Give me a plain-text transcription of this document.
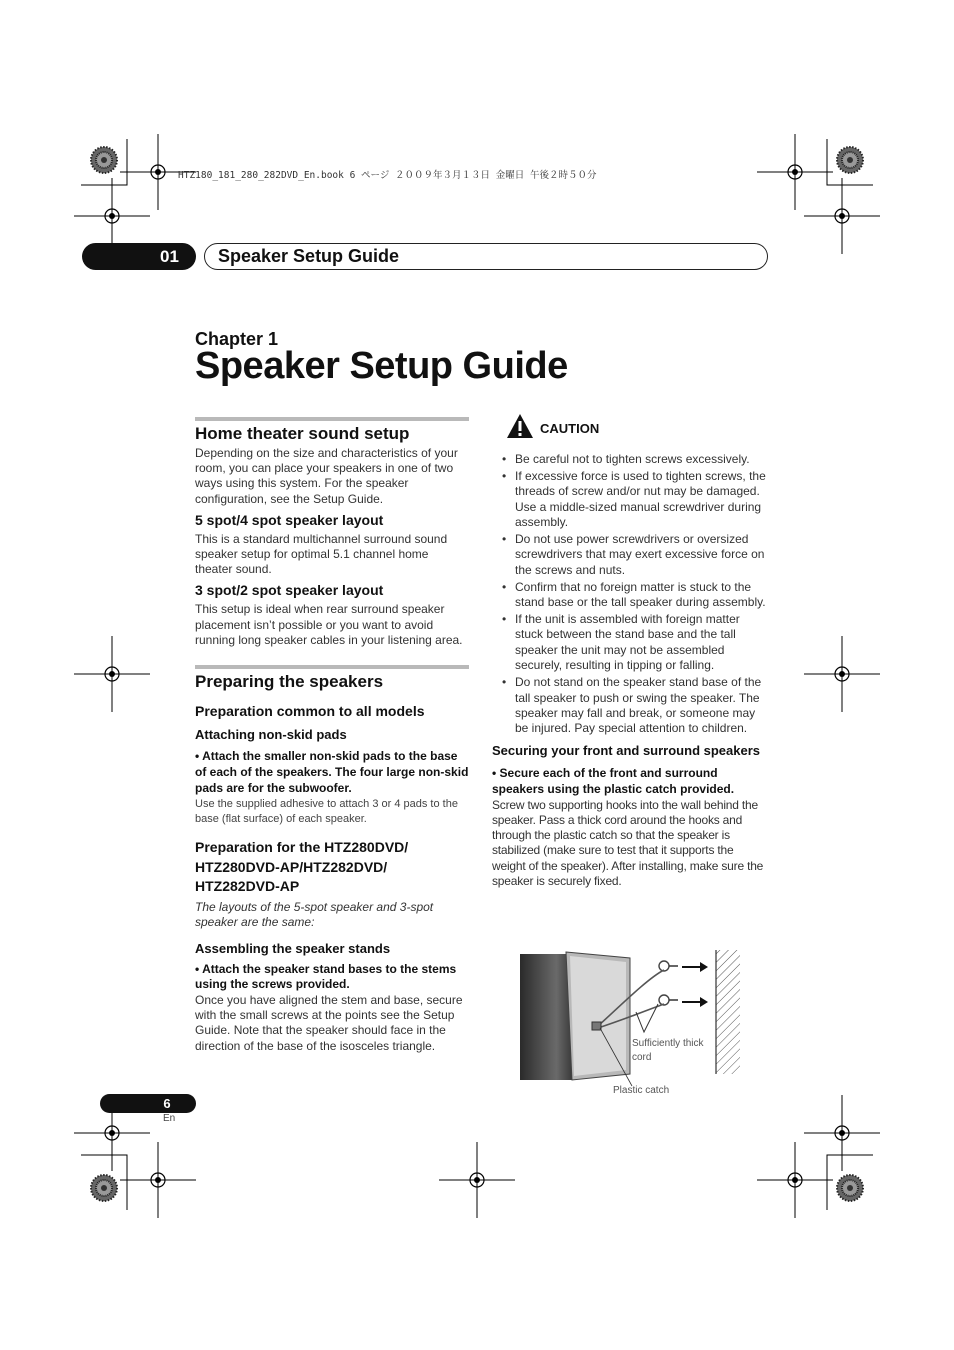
HTZ180_181_280_282DVD_En.book 6 ページ ２００９年３月１３日 金曜日 午後２時５０分
01	Speaker Setup Guide
Chapter 1
Speaker Setup Guide
Home theater sound setup

Depending on the size and characteristics of your room, you can place your speakers in one of two ways using this system. For the speaker configuration, see the Setup Guide.

5 spot/4 spot speaker layout

This is a standard multichannel surround sound speaker setup for optimal 5.1 channel home theater sound.

3 spot/2 spot speaker layout

This setup is ideal when rear surround speaker placement isn’t possible or you want to avoid running long speaker cables in your listening area.

Preparing the speakers
Preparation common to all models
Attaching non-skid pads
• Attach the smaller non-skid pads to the base of each of the speakers. The four large non-skid pads are for the subwoofer.

Use the supplied adhesive to attach 3 or 4 pads to the base (flat surface) of each speaker.

Preparation for the HTZ280DVD/ HTZ280DVD-AP/HTZ282DVD/ HTZ282DVD-AP

The layouts of the 5-spot speaker and 3-spot speaker are the same:

Assembling the speaker stands
• Attach the speaker stand bases to the stems using the screws provided.

Once you have aligned the stem and base, secure with the small screws at the points see the Setup Guide. Note that the speaker should face in the direction of the base of the isosceles triangle.

CAUTION
• Be careful not to tighten screws excessively.
• If excessive force is used to tighten screws, the threads of screw and/or nut may be damaged. Use a middle-sized manual screwdriver during assembly.
• Do not use power screwdrivers or oversized screwdrivers that may exert excessive force on the screws and nuts.
• Confirm that no foreign matter is stuck to the stand base or the tall speaker during assembly.
• If the unit is assembled with foreign matter stuck between the stand base and the tall speaker the unit may not be assembled securely, resulting in tipping or falling.
• Do not stand on the speaker stand base of the tall speaker to push or swing the speaker. The speaker may fall and break, or someone may be injured. Pay special attention to children.
Securing your front and surround speakers
• Secure each of the front and surround speakers using the plastic catch provided.

Screw two supporting hooks into the wall behind the speaker. Pass a thick cord around the hooks and through the plastic catch so that the speaker is stabilized (make sure to test that it supports the weight of the speaker). After installing, make sure the speaker is securely fixed.

Sufficiently thick
cord
Plastic catch
6
En
